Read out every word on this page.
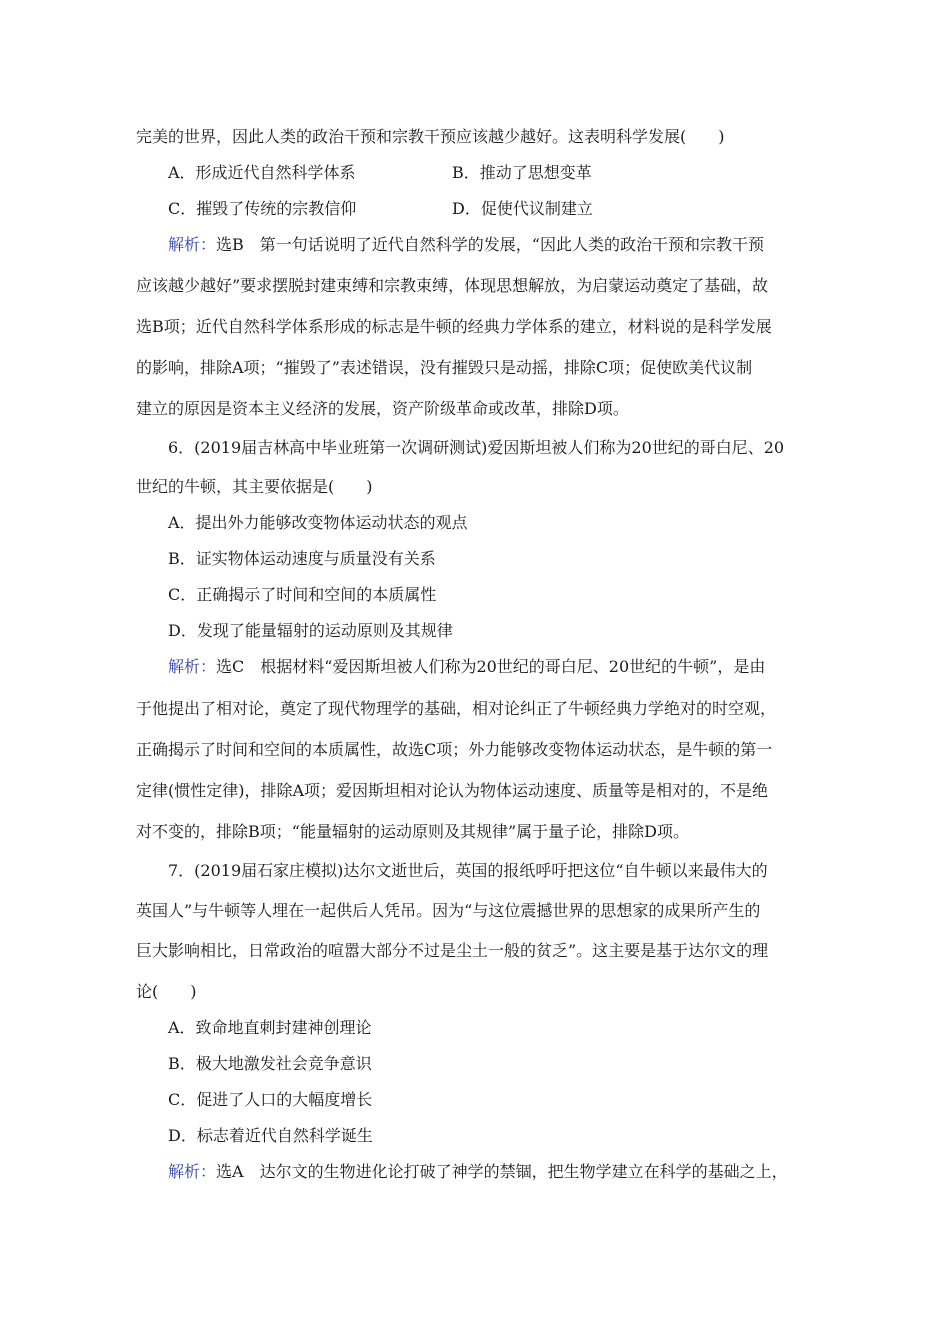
完美的世界，因此人类的政治干预和宗教干预应该越少越好。这表明科学发展(　　)
A．形成近代自然科学体系	B．推动了思想变革
C．摧毁了传统的宗教信仰	D．促使代议制建立
解析：选B　第一句话说明了近代自然科学的发展，“因此人类的政治干预和宗教干预
应该越少越好”要求摆脱封建束缚和宗教束缚，体现思想解放，为启蒙运动奠定了基础，故
选B项；近代自然科学体系形成的标志是牛顿的经典力学体系的建立，材料说的是科学发展
的影响，排除A项；“摧毁了”表述错误，没有摧毁只是动摇，排除C项；促使欧美代议制
建立的原因是资本主义经济的发展，资产阶级革命或改革，排除D项。
6．(2019届吉林高中毕业班第一次调研测试)爱因斯坦被人们称为20世纪的哥白尼、20
世纪的牛顿，其主要依据是(　　)
A．提出外力能够改变物体运动状态的观点
B．证实物体运动速度与质量没有关系
C．正确揭示了时间和空间的本质属性
D．发现了能量辐射的运动原则及其规律
解析：选C　根据材料“爱因斯坦被人们称为20世纪的哥白尼、20世纪的牛顿”，是由
于他提出了相对论，奠定了现代物理学的基础，相对论纠正了牛顿经典力学绝对的时空观，
正确揭示了时间和空间的本质属性，故选C项；外力能够改变物体运动状态，是牛顿的第一
定律(惯性定律)，排除A项；爱因斯坦相对论认为物体运动速度、质量等是相对的，不是绝
对不变的，排除B项；“能量辐射的运动原则及其规律”属于量子论，排除D项。
7．(2019届石家庄模拟)达尔文逝世后，英国的报纸呼吁把这位“自牛顿以来最伟大的
英国人”与牛顿等人埋在一起供后人凭吊。因为“与这位震撼世界的思想家的成果所产生的
巨大影响相比，日常政治的喧嚣大部分不过是尘土一般的贫乏”。这主要是基于达尔文的理
论(　　)
A．致命地直刺封建神创理论
B．极大地激发社会竞争意识
C．促进了人口的大幅度增长
D．标志着近代自然科学诞生
解析：选A　达尔文的生物进化论打破了神学的禁锢，把生物学建立在科学的基础之上，
